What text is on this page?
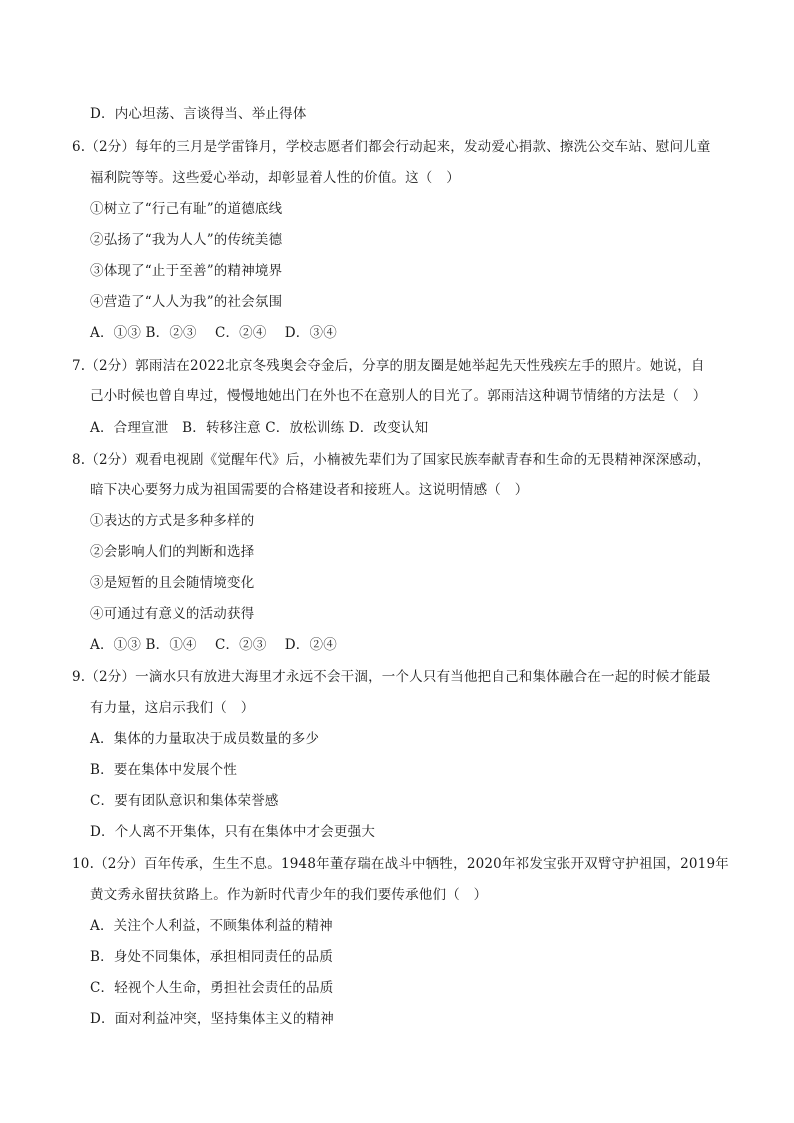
D．内心坦荡、言谈得当、举止得体
6.（2分）每年的三月是学雷锋月，学校志愿者们都会行动起来，发动爱心捐款、擦洗公交车站、慰问儿童
福利院等等。这些爱心举动，却彰显着人性的价值。这（　）
①树立了“行己有耻”的道德底线
②弘扬了“我为人人”的传统美德
③体现了“止于至善”的精神境界
④营造了“人人为我”的社会氛围
A．①③ B．②③　 C．②④　 D．③④
7.（2分）郭雨洁在2022北京冬残奥会夺金后，分享的朋友圈是她举起先天性残疾左手的照片。她说，自
己小时候也曾自卑过，慢慢地她出门在外也不在意别人的目光了。郭雨洁这种调节情绪的方法是（　）
A．合理宣泄　B．转移注意 C．放松训练 D．改变认知
8.（2分）观看电视剧《觉醒年代》后，小楠被先辈们为了国家民族奉献青春和生命的无畏精神深深感动，
暗下决心要努力成为祖国需要的合格建设者和接班人。这说明情感（　）
①表达的方式是多种多样的
②会影响人们的判断和选择
③是短暂的且会随情境变化
④可通过有意义的活动获得
A．①③ B．①④　 C．②③　 D．②④
9.（2分）一滴水只有放进大海里才永远不会干涸，一个人只有当他把自己和集体融合在一起的时候才能最
有力量，这启示我们（　）
A．集体的力量取决于成员数量的多少
B．要在集体中发展个性
C．要有团队意识和集体荣誉感
D．个人离不开集体，只有在集体中才会更强大
10.（2分）百年传承，生生不息。1948年董存瑞在战斗中牺牲，2020年祁发宝张开双臂守护祖国，2019年
黄文秀永留扶贫路上。作为新时代青少年的我们要传承他们（　）
A．关注个人利益，不顾集体利益的精神
B．身处不同集体，承担相同责任的品质
C．轻视个人生命，勇担社会责任的品质
D．面对利益冲突，坚持集体主义的精神
